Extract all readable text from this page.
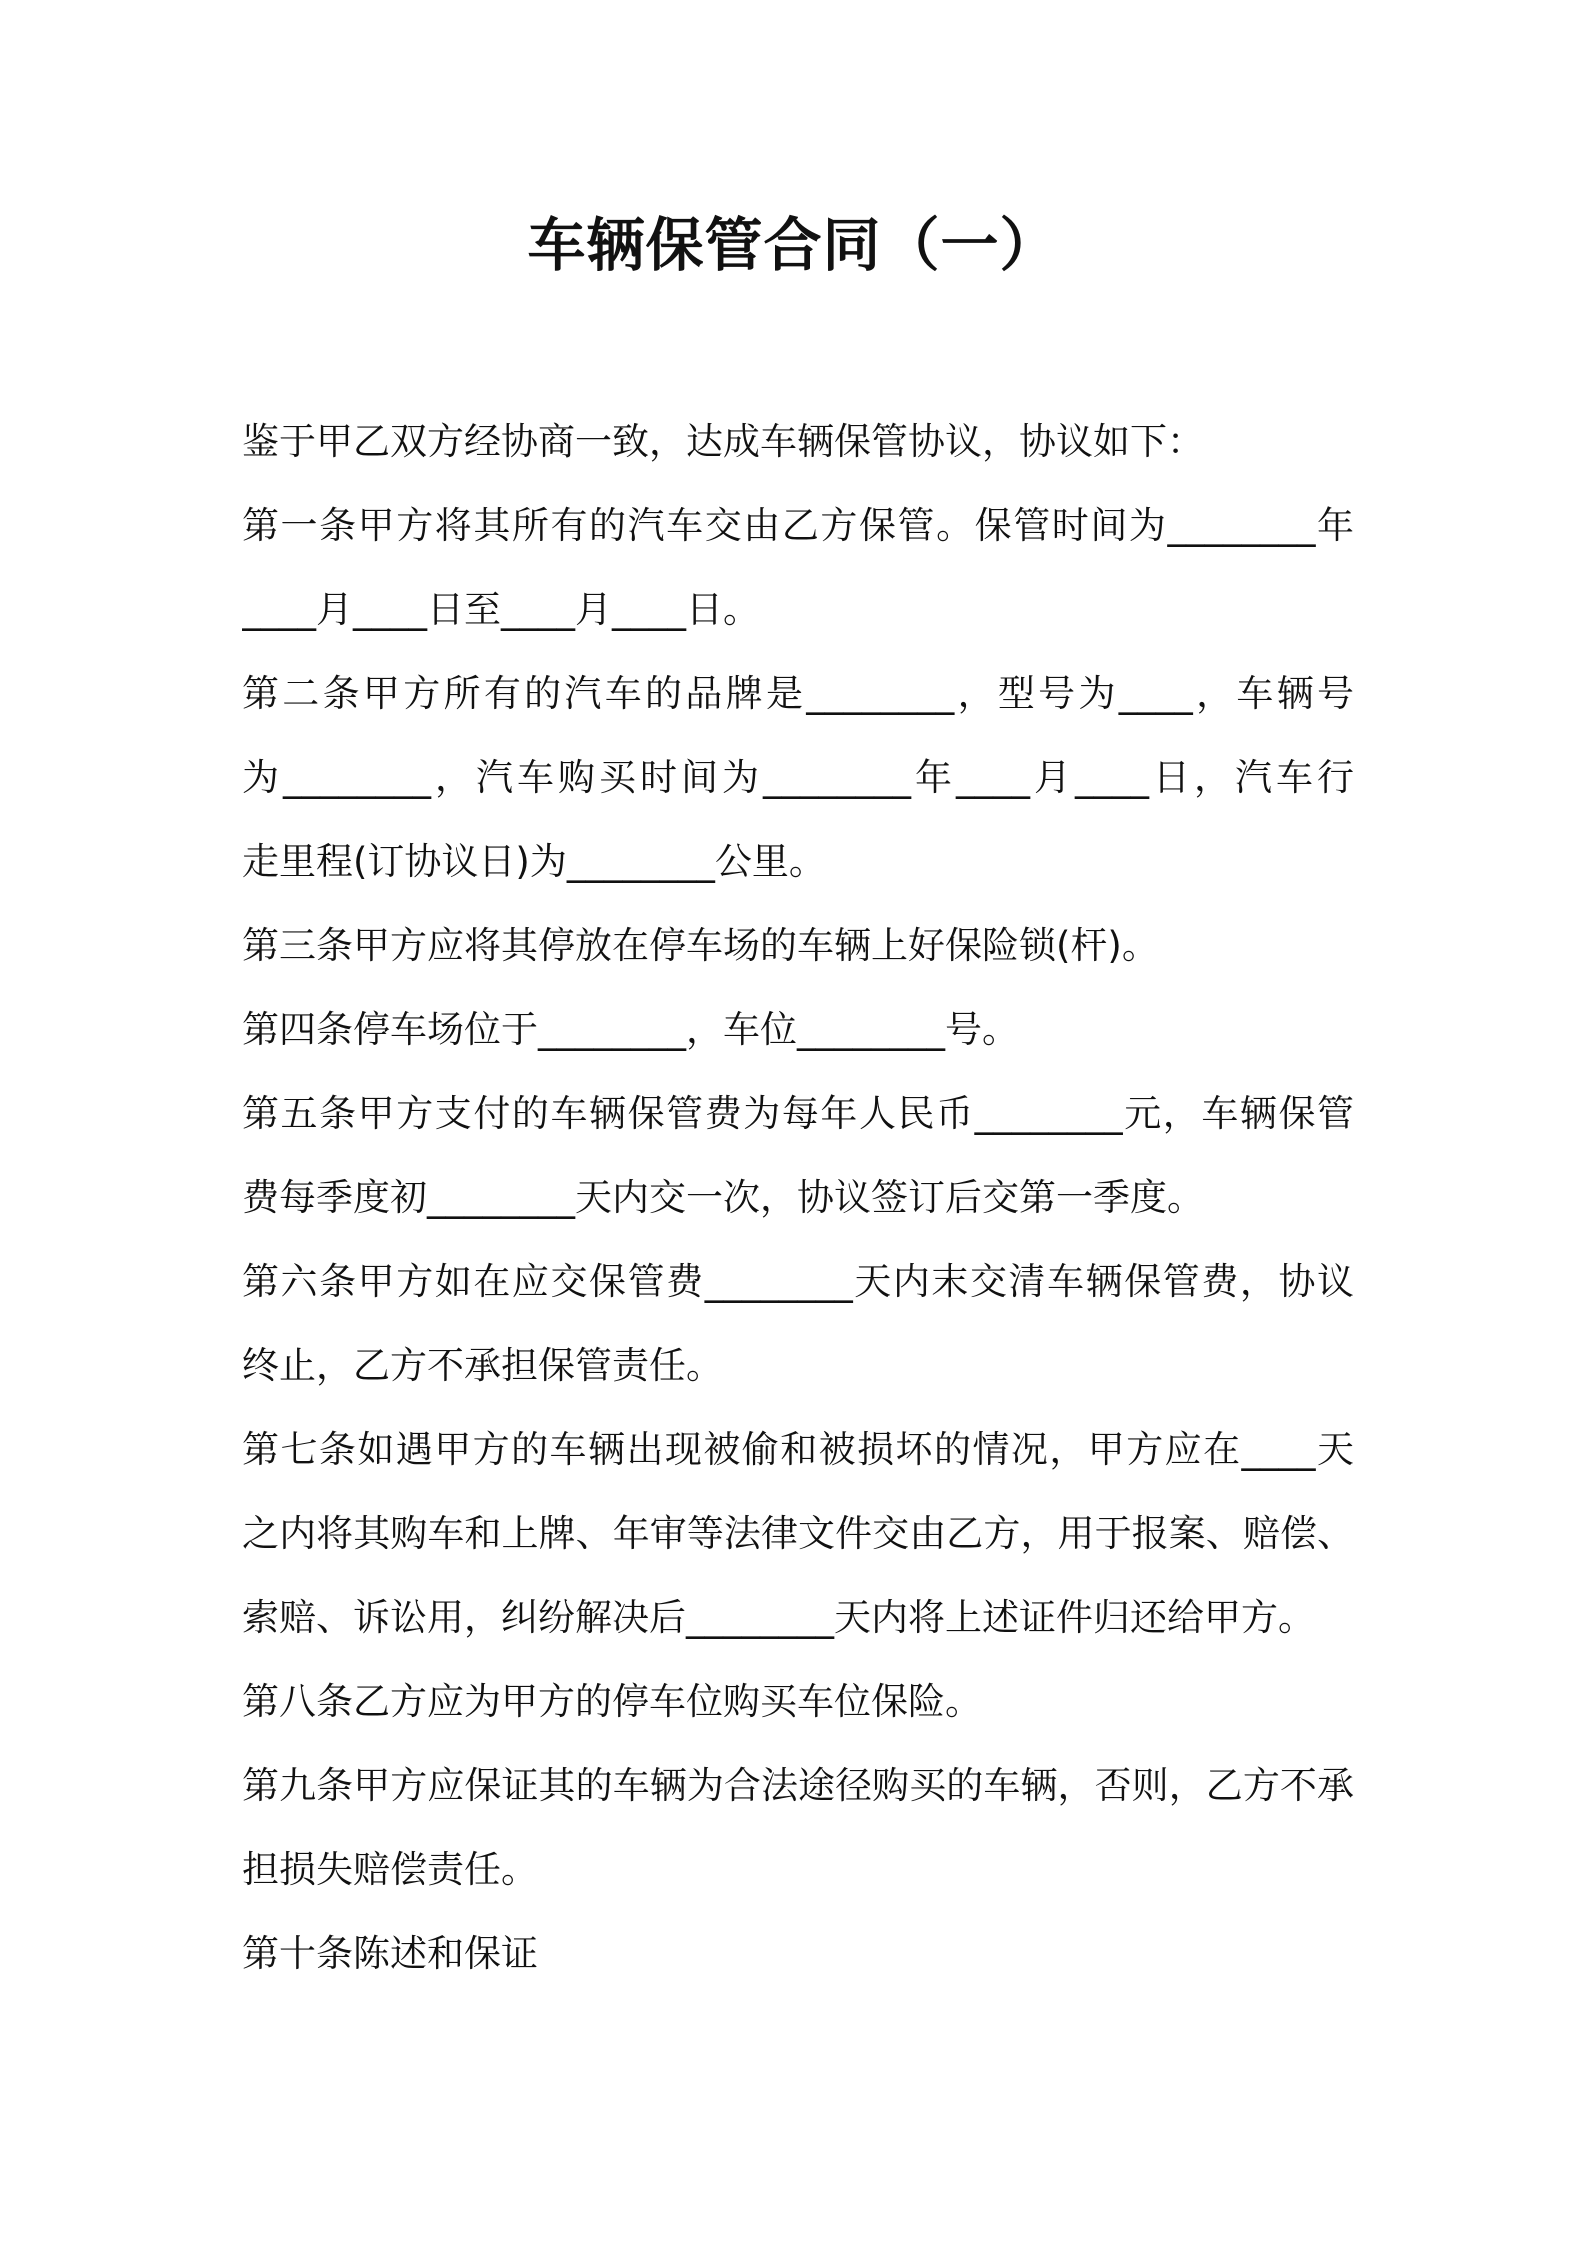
车辆保管合同（一）
鉴于甲乙双方经协商一致，达成车辆保管协议，协议如下：
第一条甲方将其所有的汽车交由乙方保管。保管时间为________年
____月____日至____月____日。
第二条甲方所有的汽车的品牌是________，型号为____，车辆号
为________，汽车购买时间为________年____月____日，汽车行
走里程(订协议日)为________公里。
第三条甲方应将其停放在停车场的车辆上好保险锁(杆)。
第四条停车场位于________，车位________号。
第五条甲方支付的车辆保管费为每年人民币________元，车辆保管
费每季度初________天内交一次，协议签订后交第一季度。
第六条甲方如在应交保管费________天内末交清车辆保管费，协议
终止，乙方不承担保管责任。
第七条如遇甲方的车辆出现被偷和被损坏的情况，甲方应在____天
之内将其购车和上牌、年审等法律文件交由乙方，用于报案、赔偿、
索赔、诉讼用，纠纷解决后________天内将上述证件归还给甲方。
第八条乙方应为甲方的停车位购买车位保险。
第九条甲方应保证其的车辆为合法途径购买的车辆，否则，乙方不承
担损失赔偿责任。
第十条陈述和保证
